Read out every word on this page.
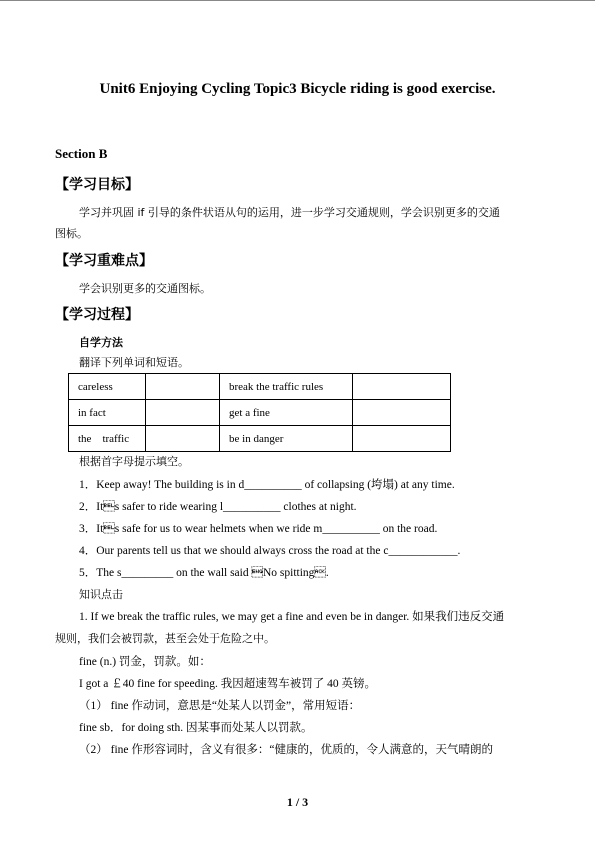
Unit6 Enjoying Cycling Topic3 Bicycle riding is good exercise.
Section B
【学习目标】
学习并巩固 if 引导的条件状语从句的运用，进一步学习交通规则，学会识别更多的交通
图标。
【学习重难点】
学会识别更多的交通图标。
【学习过程】
自学方法
翻译下列单词和短语。
careless		break the traffic rules	
in fact		get a fine	
the    traffic		be in danger	
根据首字母提示填空。
1．Keep away! The building is in d__________ of collapsing (垮塌) at any time.
2．Its safer to ride wearing l__________ clothes at night.
3．Its safe for us to wear helmets when we ride m__________ on the road.
4．Our parents tell us that we should always cross the road at the c____________.
5．The s_________ on the wall said No spitting.
知识点击
1. If we break the traffic rules, we may get a fine and even be in danger. 如果我们违反交通
规则，我们会被罚款，甚至会处于危险之中。
fine (n.) 罚金，罚款。如：
I got a ￡40 fine for speeding. 我因超速驾车被罚了 40 英镑。
（1） fine 作动词，意思是“处某人以罚金”，常用短语：
fine sb．for doing sth. 因某事而处某人以罚款。
（2） fine 作形容词时，含义有很多：“健康的，优质的，令人满意的，天气晴朗的
1 / 3
